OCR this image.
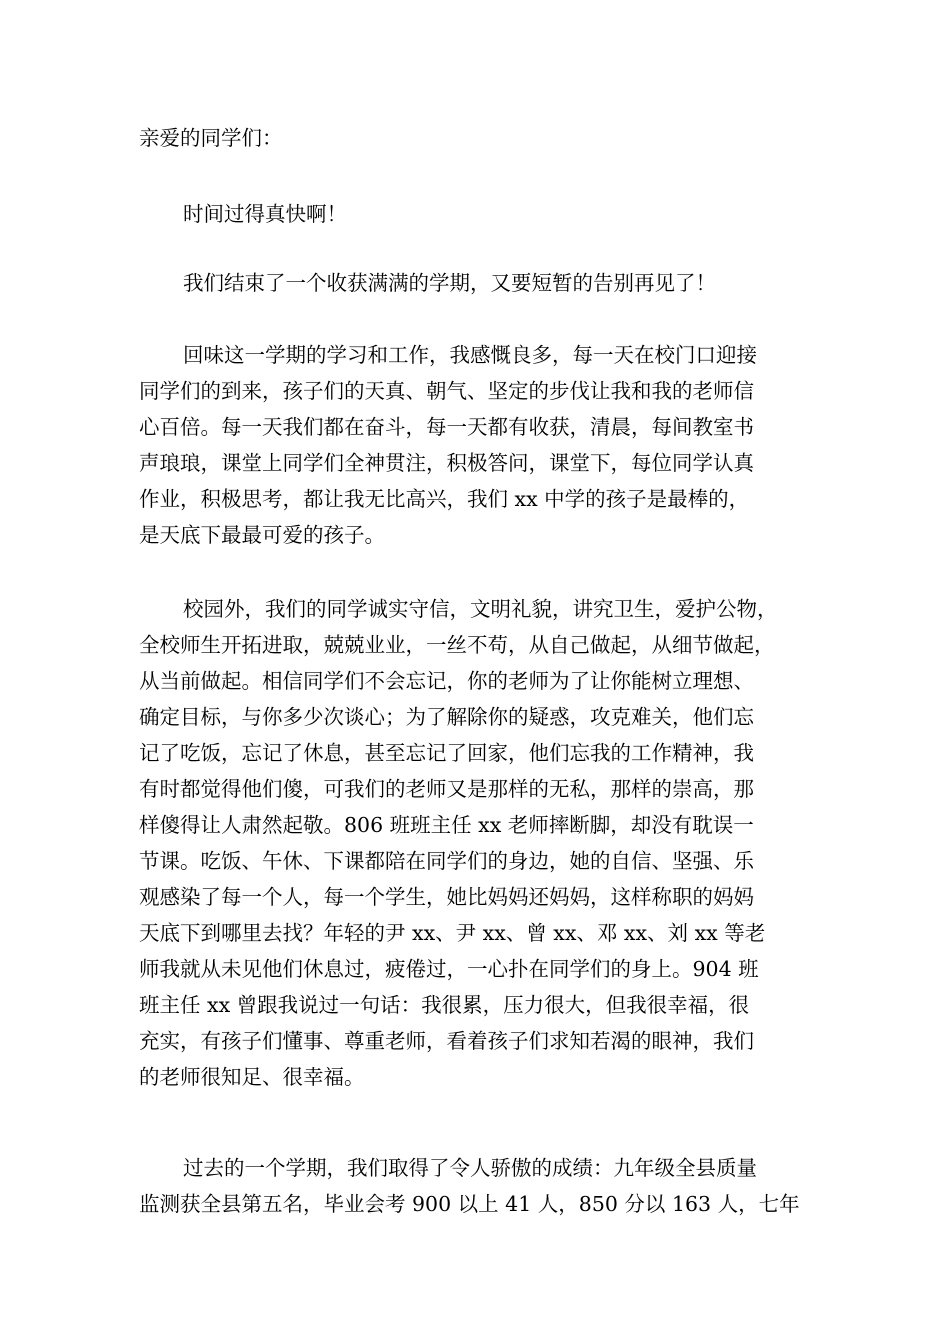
亲爱的同学们：

时间过得真快啊！

我们结束了一个收获满满的学期，又要短暂的告别再见了！

回味这一学期的学习和工作，我感慨良多，每一天在校门口迎接
同学们的到来，孩子们的天真、朝气、坚定的步伐让我和我的老师信
心百倍。每一天我们都在奋斗，每一天都有收获，清晨，每间教室书
声琅琅，课堂上同学们全神贯注，积极答问，课堂下，每位同学认真
作业，积极思考，都让我无比高兴，我们 xx 中学的孩子是最棒的，
是天底下最最可爱的孩子。

校园外，我们的同学诚实守信，文明礼貌，讲究卫生，爱护公物，
全校师生开拓进取，兢兢业业，一丝不苟，从自己做起，从细节做起，
从当前做起。相信同学们不会忘记，你的老师为了让你能树立理想、
确定目标，与你多少次谈心；为了解除你的疑惑，攻克难关，他们忘
记了吃饭，忘记了休息，甚至忘记了回家，他们忘我的工作精神，我
有时都觉得他们傻，可我们的老师又是那样的无私，那样的崇高，那
样傻得让人肃然起敬。806 班班主任 xx 老师摔断脚，却没有耽误一
节课。吃饭、午休、下课都陪在同学们的身边，她的自信、坚强、乐
观感染了每一个人，每一个学生，她比妈妈还妈妈，这样称职的妈妈
天底下到哪里去找？年轻的尹 xx、尹 xx、曾 xx、邓 xx、刘 xx 等老
师我就从未见他们休息过，疲倦过，一心扑在同学们的身上。904 班
班主任 xx 曾跟我说过一句话：我很累，压力很大，但我很幸福，很
充实，有孩子们懂事、尊重老师，看着孩子们求知若渴的眼神，我们
的老师很知足、很幸福。

过去的一个学期，我们取得了令人骄傲的成绩：九年级全县质量
监测获全县第五名，毕业会考 900 以上 41 人，850 分以 163 人，七年
